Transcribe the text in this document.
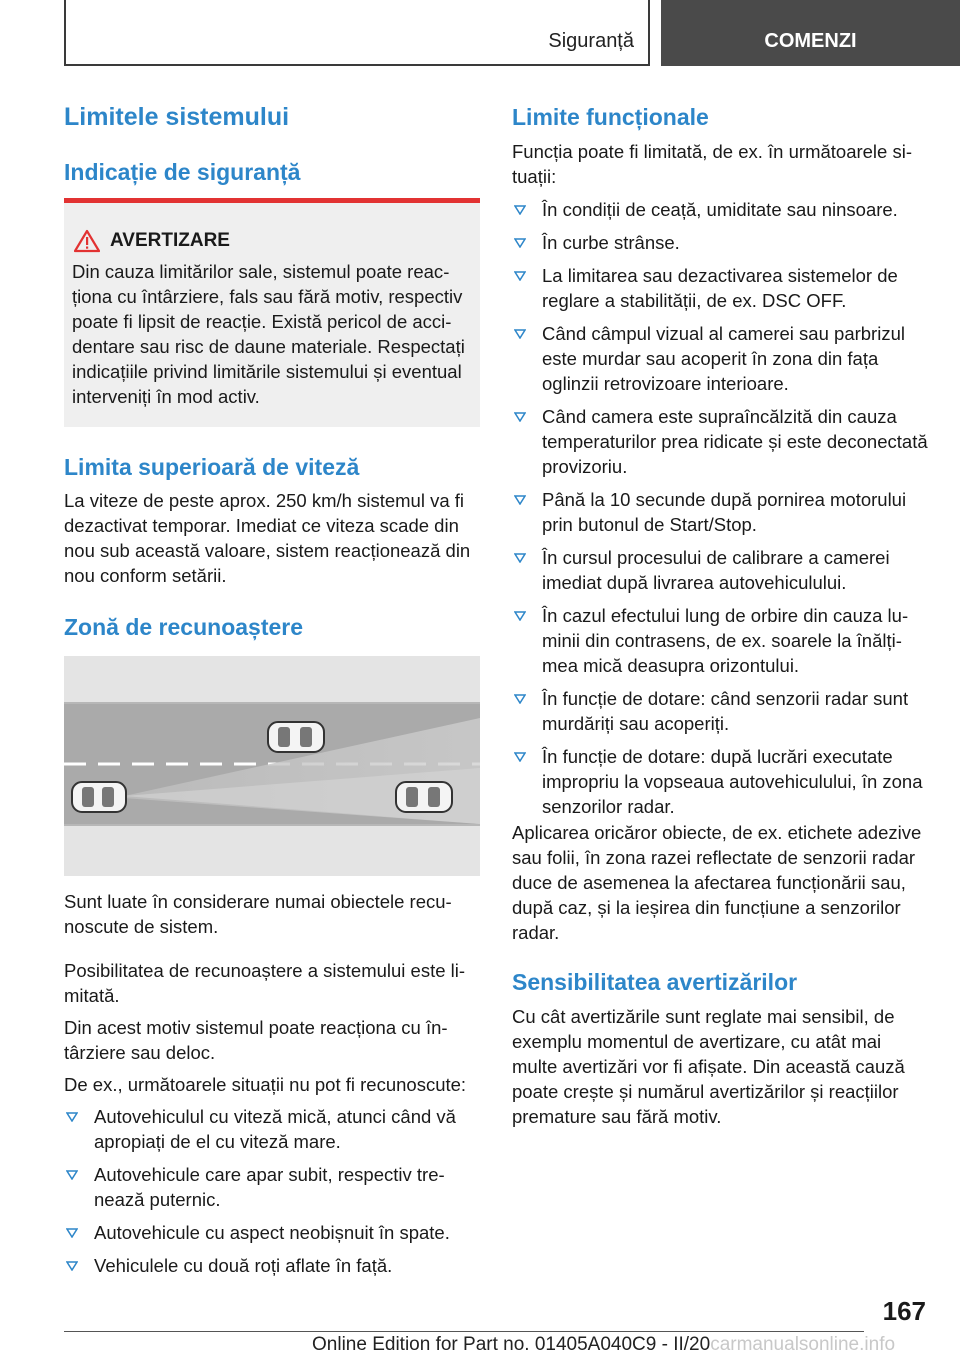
Siguranță	COMENZI
Limitele sistemului
Indicație de siguranță
AVERTIZARE
Din cauza limitărilor sale, sistemul poate reacționa cu întârziere, fals sau fără motiv, respectiv poate fi lipsit de reacție. Există pericol de accidentare sau risc de daune materiale. Respectați indicațiile privind limitările sistemului și eventual interveniți în mod activ.
Limita superioară de viteză

La viteze de peste aprox. 250 km/h sistemul va fi dezactivat temporar. Imediat ce viteza scade din nou sub această valoare, sistem reacționează din nou conform setării.

Zonă de recunoaștere

Sunt luate în considerare numai obiectele recunoscute de sistem.

Posibilitatea de recunoaștere a sistemului este limitată.

Din acest motiv sistemul poate reacționa cu întârziere sau deloc.

De ex., următoarele situații nu pot fi recunoscute:

Autovehiculul cu viteză mică, atunci când vă apropiați de el cu viteză mare.
Autovehicule care apar subit, respectiv trenează puternic.
Autovehicule cu aspect neobișnuit în spate.
Vehiculele cu două roți aflate în față.
Limite funcționale

Funcția poate fi limitată, de ex. în următoarele situații:

În condiții de ceață, umiditate sau ninsoare.
În curbe strânse.
La limitarea sau dezactivarea sistemelor de reglare a stabilității, de ex. DSC OFF.
Când câmpul vizual al camerei sau parbrizul este murdar sau acoperit în zona din fața oglinzii retrovizoare interioare.
Când camera este supraîncălzită din cauza temperaturilor prea ridicate și este deconectată provizoriu.
Până la 10 secunde după pornirea motorului prin butonul de Start/Stop.
În cursul procesului de calibrare a camerei imediat după livrarea autovehiculului.
În cazul efectului lung de orbire din cauza luminii din contrasens, de ex. soarele la înălțimea mică deasupra orizontului.
În funcție de dotare: când senzorii radar sunt murdăriți sau acoperiți.
În funcție de dotare: după lucrări executate impropriu la vopseaua autovehiculului, în zona senzorilor radar.

Aplicarea oricăror obiecte, de ex. etichete adezive sau folii, în zona razei reflectate de senzorii radar duce de asemenea la afectarea funcționării sau, după caz, și la ieșirea din funcțiune a senzorilor radar.

Sensibilitatea avertizărilor

Cu cât avertizările sunt reglate mai sensibil, de exemplu momentul de avertizare, cu atât mai multe avertizări vor fi afișate. Din această cauză poate crește și numărul avertizărilor și reacțiilor premature sau fără motiv.

167
Online Edition for Part no. 01405A040C9 - II/20carmanualsonline.info
